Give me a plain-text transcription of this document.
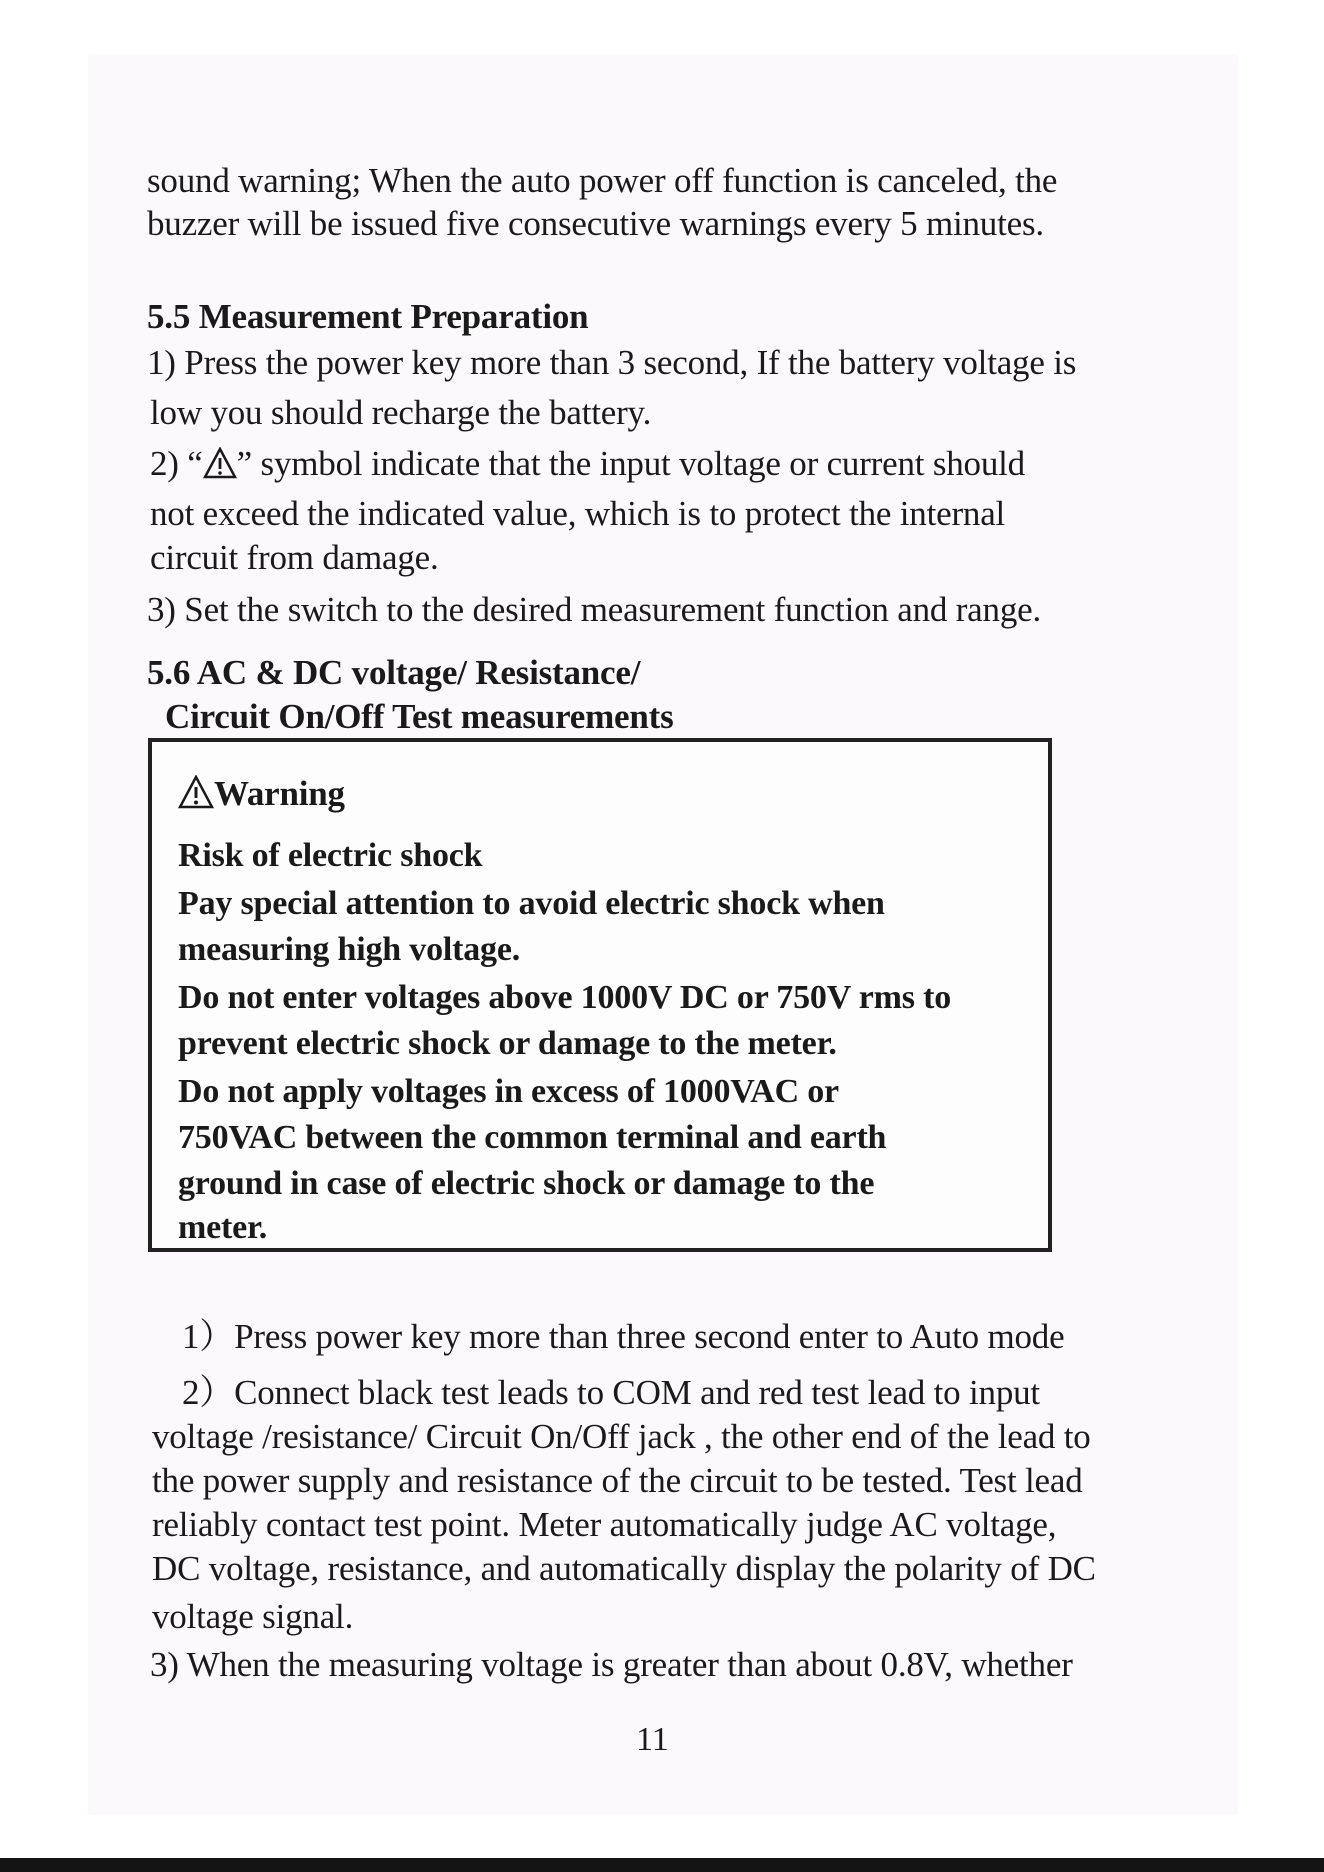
sound warning; When the auto power off function is canceled, the
buzzer will be issued five consecutive warnings every 5 minutes.
5.5 Measurement Preparation
1) Press the power key more than 3 second, If the battery voltage is
low you should recharge the battery.
2) “ ” symbol indicate that the input voltage or current should
not exceed the indicated value, which is to protect the internal
circuit from damage.
3) Set the switch to the desired measurement function and range.
5.6 AC & DC voltage/ Resistance/
Circuit On/Off Test measurements
Warning
Risk of electric shock
Pay special attention to avoid electric shock when
measuring high voltage.
Do not enter voltages above 1000V DC or 750V rms to
prevent electric shock or damage to the meter.
Do not apply voltages in excess of 1000VAC or
750VAC between the common terminal and earth
ground in case of electric shock or damage to the
meter.
1）Press power key more than three second enter to Auto mode
2）Connect black test leads to COM and red test lead to input
voltage /resistance/ Circuit On/Off jack , the other end of the lead to
the power supply and resistance of the circuit to be tested. Test lead
reliably contact test point. Meter automatically judge AC voltage,
DC voltage, resistance, and automatically display the polarity of DC
voltage signal.
3) When the measuring voltage is greater than about 0.8V, whether
11
